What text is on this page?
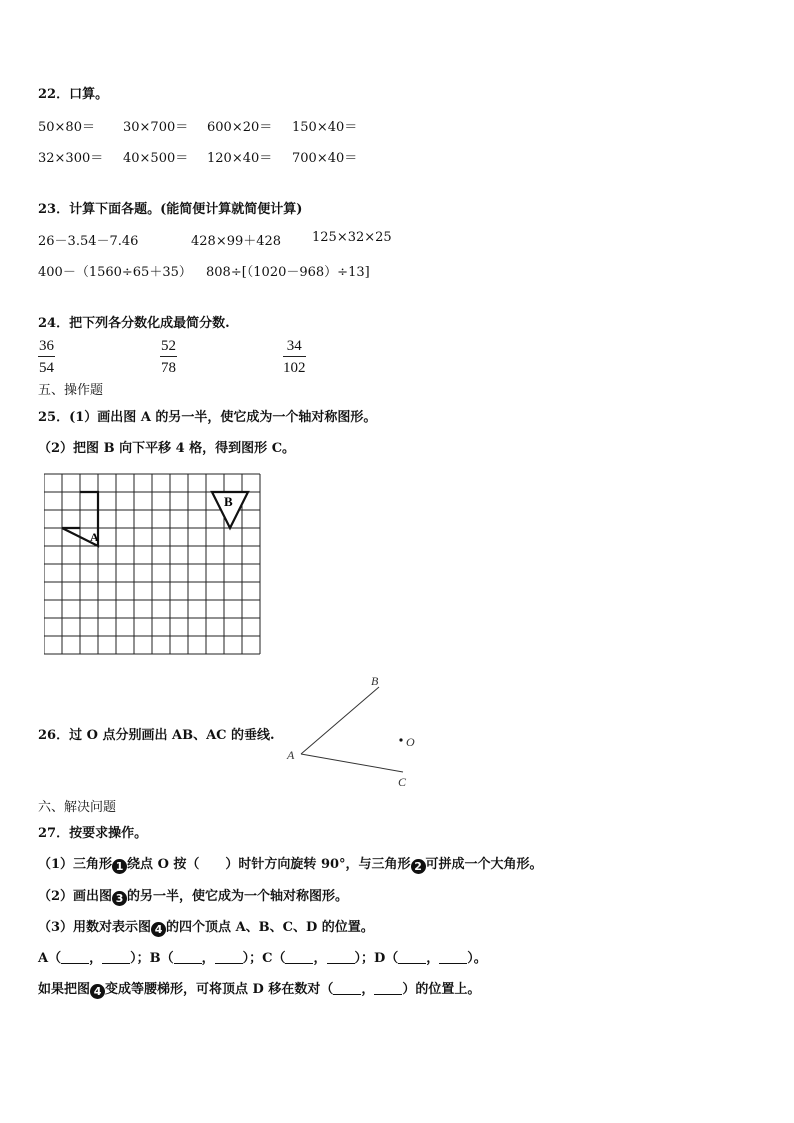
22．口算。
50×80＝ 30×700＝ 600×20＝ 150×40＝
32×300＝ 40×500＝ 120×40＝ 700×40＝
23．计算下面各题。(能简便计算就简便计算)
26－3.54－7.46	428×99＋428 125×32×25
400－（1560÷65＋35） 808÷[（1020－968）÷13]
24．把下列各分数化成最简分数.
$\frac{36}{54}$	$\frac{52}{78}$	$\frac{34}{102}$
五、操作题
25．(1）画出图 A 的另一半，使它成为一个轴对称图形。
（2）把图 B 向下平移 4 格，得到图形 C。
A
B
26．过 O 点分别画出 AB、AC 的垂线.
A
B
C
O
六、解决问题
27．按要求操作。
（1）三角形 1 绕点 O 按（　　）时针方向旋转 90°，与三角形 2 可拼成一个大角形。
（2）画出图 3 的另一半，使它成为一个轴对称图形。
（3）用数对表示图 4 的四个顶点 A、B、C、D 的位置。
A（ ， ）；B（ ， ）；C（ ， ）；D（ ， ）。
如果把图 4 变成等腰梯形，可将顶点 D 移在数对（ ， ）的位置上。
